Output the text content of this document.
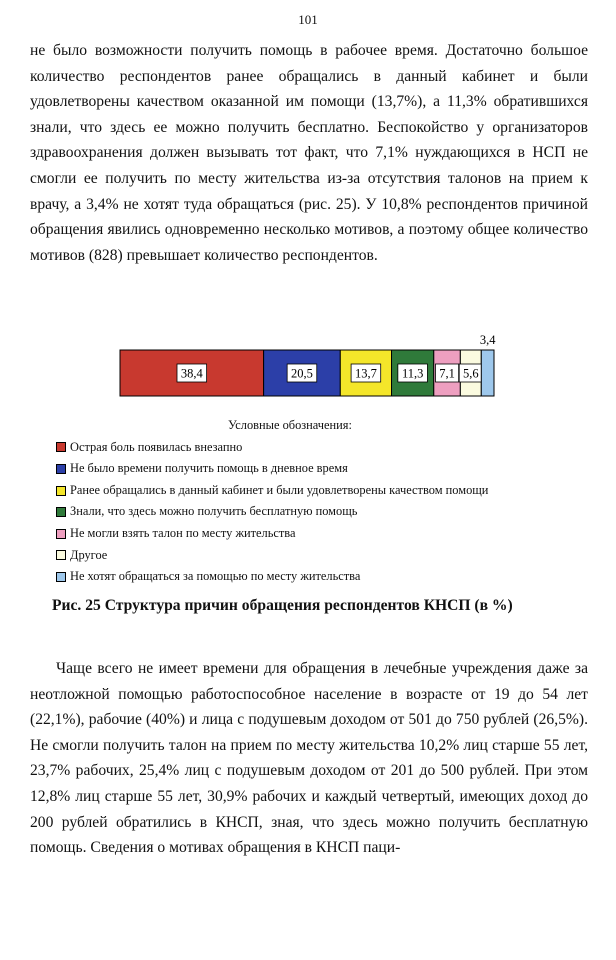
101

не было возможности получить помощь в рабочее время. Достаточно большое количество респондентов ранее обращались в данный кабинет и были удовлетворены качеством оказанной им помощи (13,7%), а 11,3% обратившихся знали, что здесь ее можно получить бесплатно. Беспокойство у организаторов здравоохранения должен вызывать тот факт, что 7,1% нуждающихся в НСП не смогли ее получить по месту жительства из-за отсутствия талонов на прием к врачу, а 3,4% не хотят туда обращаться (рис. 25). У 10,8% респондентов причиной обращения явились одновременно несколько мотивов, а поэтому общее количество мотивов (828) превышает количество респондентов.

38,4	20,5	13,7 11,3 7,1 5,6
3,4
Условные обозначения:
Острая боль появилась внезапно
Не было времени получить помощь в дневное время
Ранее обращались в данный кабинет и были удовлетворены качеством помощи
Знали, что здесь можно получить бесплатную помощь
Не могли взять талон по месту жительства
Другое
Не хотят обращаться за помощью по месту жительства

Рис. 25 Структура причин обращения респондентов КНСП (в %)

Чаще всего не имеет времени для обращения в лечебные учреждения даже за неотложной помощью работоспособное население в возрасте от 19 до 54 лет (22,1%), рабочие (40%) и лица с подушевым доходом от 501 до 750 рублей (26,5%). Не смогли получить талон на прием по месту жительства 10,2% лиц старше 55 лет, 23,7% рабочих, 25,4% лиц с подушевым доходом от 201 до 500 рублей. При этом 12,8% лиц старше 55 лет, 30,9% рабочих и каждый четвертый, имеющих доход до 200 рублей обратились в КНСП, зная, что здесь можно получить бесплатную помощь. Сведения о мотивах обращения в КНСП паци-
